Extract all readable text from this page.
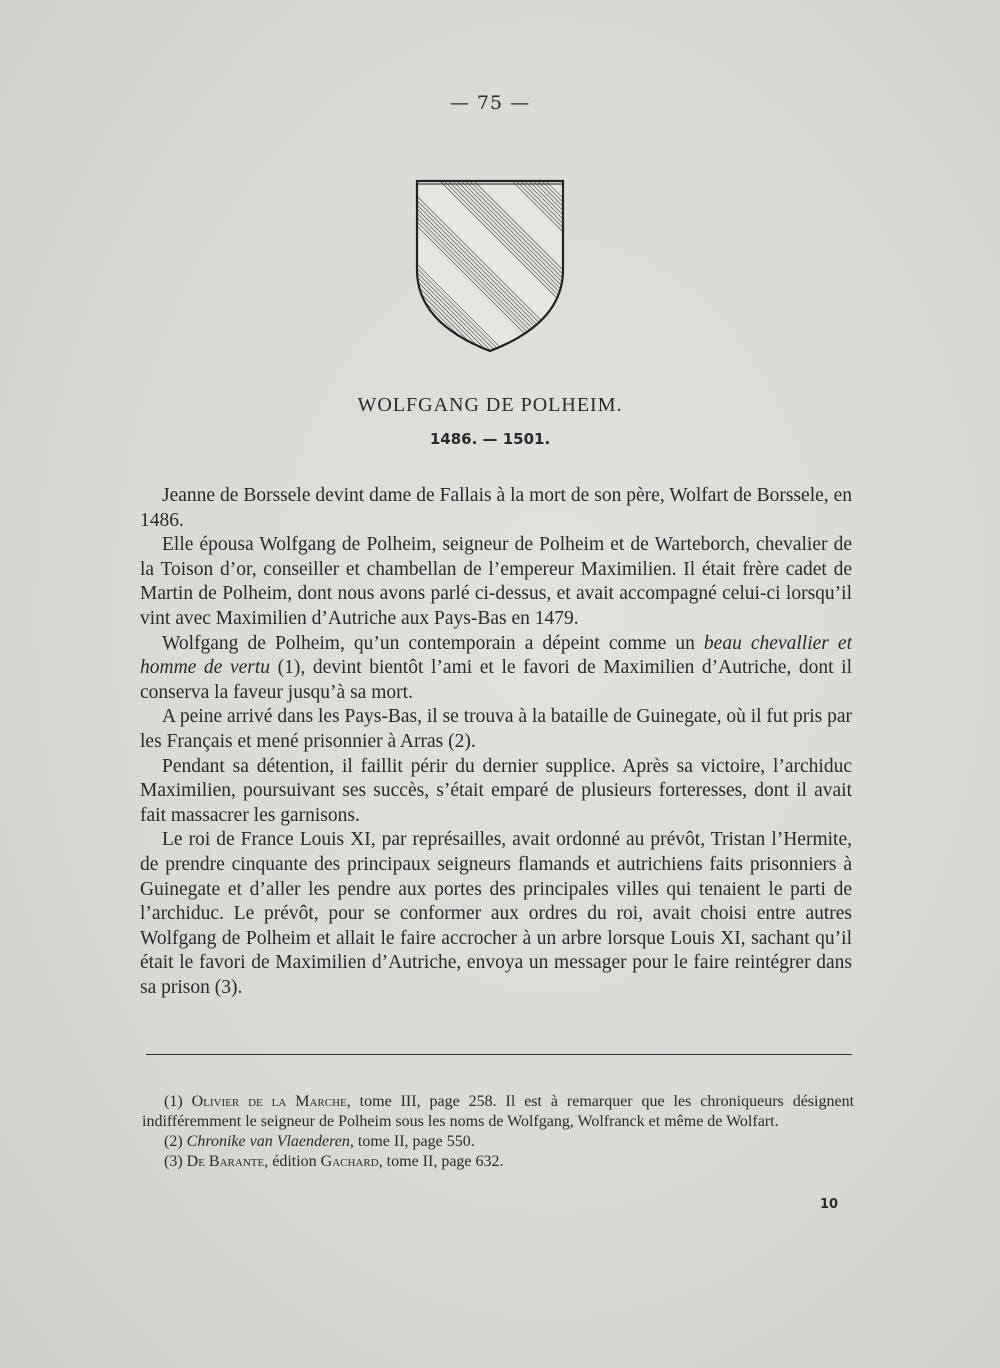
— 75 —
WOLFGANG DE POLHEIM.
1486. — 1501.

Jeanne de Borssele devint dame de Fallais à la mort de son père, Wolfart de Borssele, en 1486.

Elle épousa Wolfgang de Polheim, seigneur de Polheim et de Warteborch, chevalier de la Toison d’or, conseiller et chambellan de l’empereur Maximilien. Il était frère cadet de Martin de Polheim, dont nous avons parlé ci-dessus, et avait accompagné celui-ci lorsqu’il vint avec Maximilien d’Autriche aux Pays-Bas en 1479.

Wolfgang de Polheim, qu’un contemporain a dépeint comme un beau chevallier et homme de vertu (1), devint bientôt l’ami et le favori de Maximilien d’Autriche, dont il conserva la faveur jusqu’à sa mort.

A peine arrivé dans les Pays-Bas, il se trouva à la bataille de Guinegate, où il fut pris par les Français et mené prisonnier à Arras (2).

Pendant sa détention, il faillit périr du dernier supplice. Après sa victoire, l’archiduc Maximilien, poursuivant ses succès, s’était emparé de plusieurs forteresses, dont il avait fait massacrer les garnisons.

Le roi de France Louis XI, par représailles, avait ordonné au prévôt, Tristan l’Hermite, de prendre cinquante des principaux seigneurs flamands et autrichiens faits prisonniers à Guinegate et d’aller les pendre aux portes des principales villes qui tenaient le parti de l’archiduc. Le prévôt, pour se conformer aux ordres du roi, avait choisi entre autres Wolfgang de Polheim et allait le faire accrocher à un arbre lorsque Louis XI, sachant qu’il était le favori de Maximilien d’Autriche, envoya un messager pour le faire reintégrer dans sa prison (3).

(1) Olivier de la Marche, tome III, page 258. Il est à remarquer que les chroniqueurs désignent indifféremment le seigneur de Polheim sous les noms de Wolfgang, Wolfranck et même de Wolfart.

(2) Chronike van Vlaenderen, tome II, page 550.

(3) De Barante, édition Gachard, tome II, page 632.

10
